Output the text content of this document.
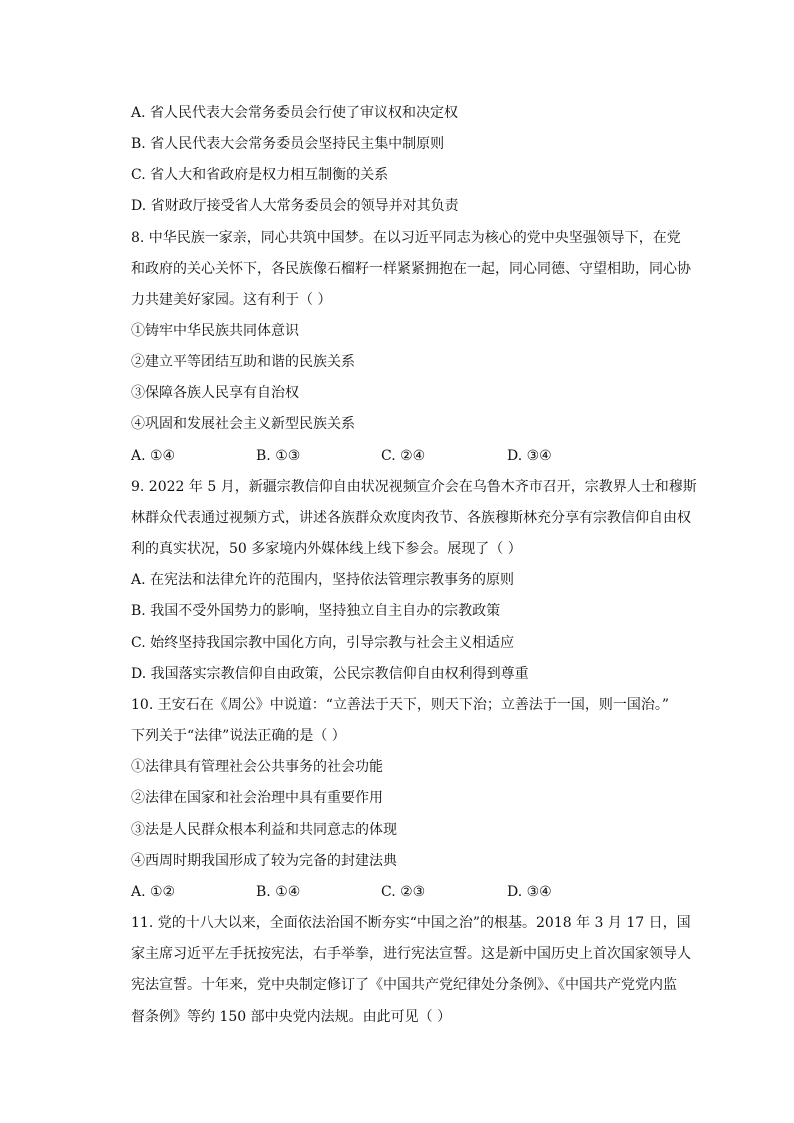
A. 省人民代表大会常务委员会行使了审议权和决定权
B. 省人民代表大会常务委员会坚持民主集中制原则
C. 省人大和省政府是权力相互制衡的关系
D. 省财政厅接受省人大常务委员会的领导并对其负责
8. 中华民族一家亲，同心共筑中国梦。在以习近平同志为核心的党中央坚强领导下，在党
和政府的关心关怀下，各民族像石榴籽一样紧紧拥抱在一起，同心同德、守望相助，同心协
力共建美好家园。这有利于（ ）
①铸牢中华民族共同体意识
②建立平等团结互助和谐的民族关系
③保障各族人民享有自治权
④巩固和发展社会主义新型民族关系
A. ①④	B. ①③	C. ②④	D. ③④
9. 2022 年 5 月，新疆宗教信仰自由状况视频宣介会在乌鲁木齐市召开，宗教界人士和穆斯
林群众代表通过视频方式，讲述各族群众欢度肉孜节、各族穆斯林充分享有宗教信仰自由权
利的真实状况，50 多家境内外媒体线上线下参会。展现了（ ）
A. 在宪法和法律允许的范围内，坚持依法管理宗教事务的原则
B. 我国不受外国势力的影响，坚持独立自主自办的宗教政策
C. 始终坚持我国宗教中国化方向，引导宗教与社会主义相适应
D. 我国落实宗教信仰自由政策，公民宗教信仰自由权利得到尊重
10. 王安石在《周公》中说道：“立善法于天下，则天下治；立善法于一国，则一国治。”
下列关于“法律”说法正确的是（ ）
①法律具有管理社会公共事务的社会功能
②法律在国家和社会治理中具有重要作用
③法是人民群众根本利益和共同意志的体现
④西周时期我国形成了较为完备的封建法典
A. ①②	B. ①④	C. ②③	D. ③④
11. 党的十八大以来，全面依法治国不断夯实“中国之治”的根基。2018 年 3 月 17 日，国
家主席习近平左手抚按宪法，右手举拳，进行宪法宣誓。这是新中国历史上首次国家领导人
宪法宣誓。十年来，党中央制定修订了《中国共产党纪律处分条例》、《中国共产党党内监
督条例》等约 150 部中央党内法规。由此可见（ ）
